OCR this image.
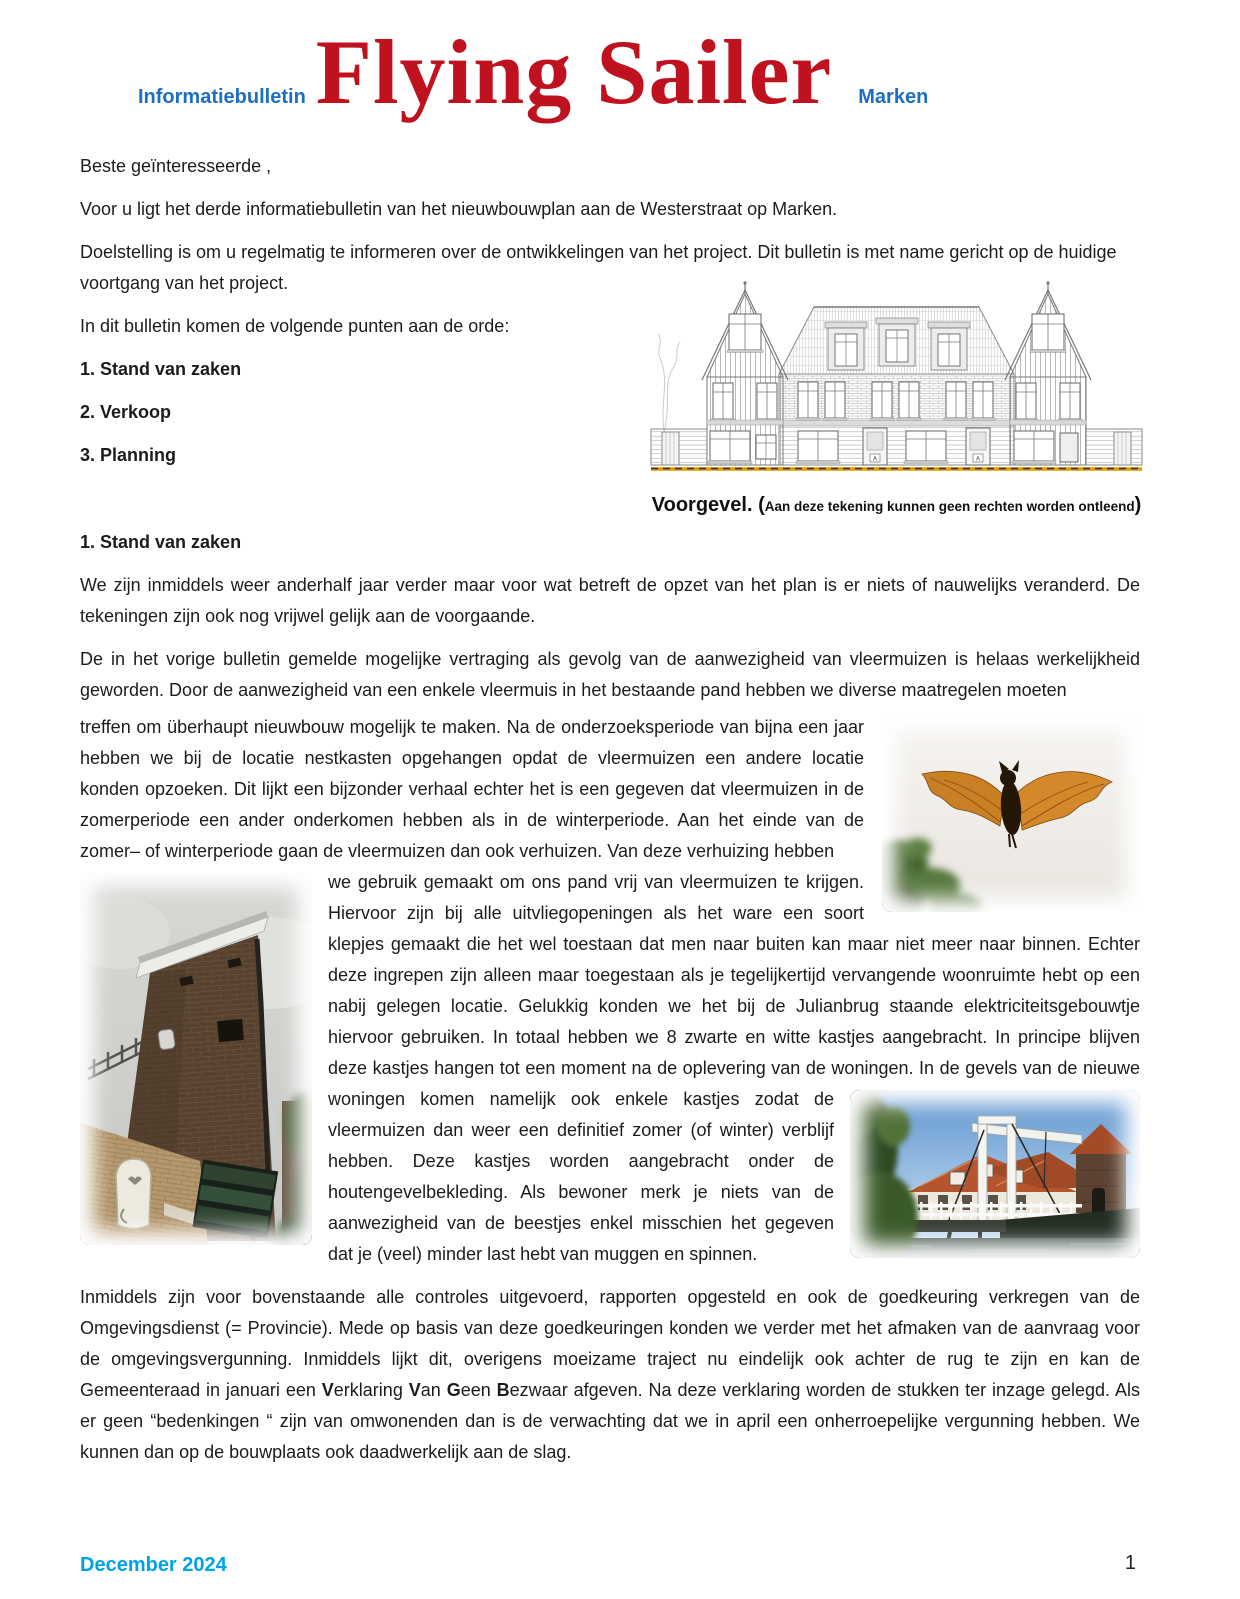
Informatiebulletin Flying Sailer Marken
A
Voorgevel. (Aan deze tekening kunnen geen rechten worden ontleend)

Beste geïnteresseerde ,

Voor u ligt het derde informatiebulletin van het nieuwbouwplan aan de Westerstraat op Marken.

Doelstelling is om u regelmatig te informeren over de ontwikkelingen van het project. Dit bulletin is met name gericht op de huidige voortgang van het project.

In dit bulletin komen de volgende punten aan de orde:

1. Stand van zaken

2. Verkoop

3. Planning

1. Stand van zaken

We zijn inmiddels weer anderhalf jaar verder maar voor wat betreft de opzet van het plan is er niets of nauwelijks veranderd. De tekeningen zijn ook nog vrijwel gelijk aan de voorgaande.

De in het vorige bulletin gemelde mogelijke vertraging als gevolg van de aanwezigheid van vleermuizen is helaas werkelijkheid geworden. Door de aanwezigheid van een enkele vleermuis in het bestaande pand hebben we diverse maatregelen moeten

treffen om überhaupt nieuwbouw mogelijk te maken. Na de onderzoeksperiode van bijna een jaar hebben we bij de locatie nestkasten opgehangen opdat de vleermuizen een andere locatie konden opzoeken. Dit lijkt een bijzonder verhaal echter het is een gegeven dat vleermuizen in de zomerperiode een ander onderkomen hebben als in de winterperiode. Aan het einde van de zomer– of winterperiode gaan de vleermuizen dan ook verhuizen. Van deze verhuizing hebben
we gebruik gemaakt om ons pand vrij van vleermuizen te krijgen. Hiervoor zijn bij alle uitvliegopeningen als het ware een soort klepjes gemaakt die het wel toestaan dat men naar buiten kan maar niet meer naar binnen. Echter deze ingrepen zijn alleen maar toegestaan als je tegelijkertijd vervangende woonruimte hebt op een nabij gelegen locatie. Gelukkig konden we het bij de Julianbrug staande elektriciteitsgebouwtje hiervoor gebruiken. In totaal hebben we 8 zwarte en witte kastjes aangebracht. In principe blijven deze kastjes hangen tot een moment na de oplevering van de woningen. In de gevels van de nieuwe woningen komen namelijk ook enkele kastjes zodat de vleermuizen dan weer een definitief zomer (of winter) verblijf hebben. Deze kastjes worden aangebracht onder de houtengevelbekleding. Als bewoner merk je niets van de aanwezigheid van de beestjes enkel misschien het gegeven dat je (veel) minder last hebt van muggen en spinnen.

Inmiddels zijn voor bovenstaande alle controles uitgevoerd, rapporten opgesteld en ook de goedkeuring verkregen van de Omgevingsdienst (= Provincie). Mede op basis van deze goedkeuringen konden we verder met het afmaken van de aanvraag voor de omgevingsvergunning. Inmiddels lijkt dit, overigens moeizame traject nu eindelijk ook achter de rug te zijn en kan de Gemeenteraad in januari een Verklaring Van Geen Bezwaar afgeven. Na deze verklaring worden de stukken ter inzage gelegd. Als er geen “bedenkingen “ zijn van omwonenden dan is de verwachting dat we in april een onherroepelijke vergunning hebben. We kunnen dan op de bouwplaats ook daadwerkelijk aan de slag.

December 2024	1
